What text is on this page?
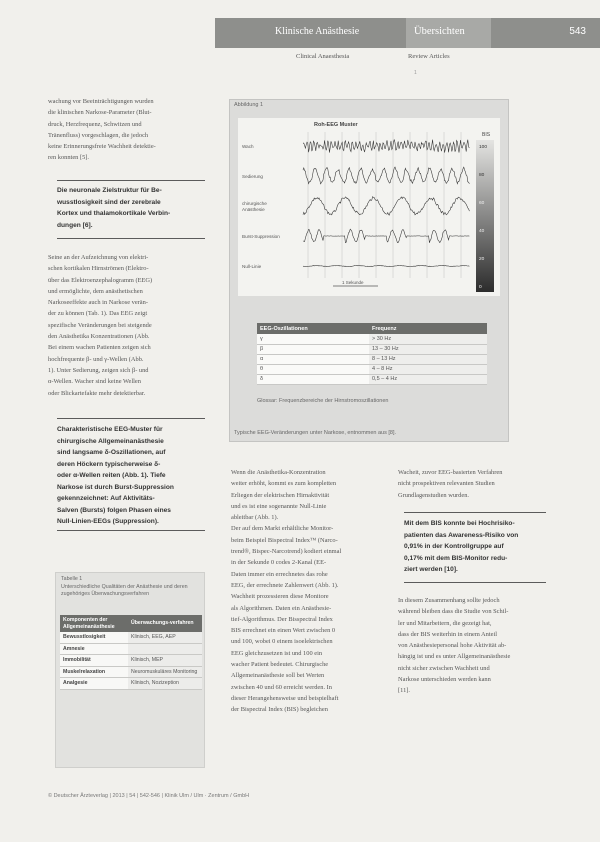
Klinische Anästhesie	Übersichten	543
Clinical Anaesthesia	Review Articles
1
wachung vor Beeinträchtigungen wurden
die klinischen Narkose-Parameter (Blut-
druck, Herzfrequenz, Schwitzen und
Tränenfluss) vorgeschlagen, die jedoch
keine Erinnerungsfreie Wachheit detektie-
ren konnten [5].
Die neuronale Zielstruktur für Be-
wusstlosigkeit sind der zerebrale
Kortex und thalamokortikale Verbin-
dungen [6].
Seine an der Aufzeichnung von elektri-
schen kortikalen Hirnströmen (Elektro-
über das Elektroenzephalogramm (EEG)
und ermöglichte, dem anästhetischen
Narkoseeffekte auch in Narkose verän-
der zu können (Tab. 1). Das EEG zeigt
spezifische Veränderungen bei steigende
den Anästhetika Konzentrationen (Abb.
Bei einem wachen Patienten zeigen sich
hochfrequente β- und γ-Wellen (Abb.
1). Unter Sedierung, zeigen sich β- und
α-Wellen. Wacher sind keine Wellen
oder Blickartefakte mehr detektierbar.
Charakteristische EEG-Muster für
chirurgische Allgemeinanästhesie
sind langsame δ-Oszillationen, auf
deren Höckern typischerweise δ-
oder α-Wellen reiten (Abb. 1). Tiefe
Narkose ist durch Burst-Suppression
gekennzeichnet: Auf Aktivitäts-
Salven (Bursts) folgen Phasen eines
Null-Linien-EEGs (Suppression).
Abbildung 1
Roh-EEG Muster
BIS
100
80
60
40
20
0
Wach
Sedierung
chirurgische
Anästhesie
Burst-Suppression
Null-Linie
1 Sekunde
EEG-Oszillationen	Frequenz
γ	> 30 Hz
β	13 – 30 Hz
α	8 – 13 Hz
θ	4 – 8 Hz
δ	0,5 – 4 Hz
Glossar: Frequenzbereiche der Hirnstromoszillationen
Typische EEG-Veränderungen unter Narkose, entnommen aus [8].
Tabelle 1
Unterschiedliche Qualitäten der Anästhesie und deren zugehöriges Überwachungsverfahren
Komponenten der Allgemeinanästhesie	Überwachungs-verfahren
Bewusstlosigkeit	Klinisch, EEG, AEP
Amnesie	
Immobilität	Klinisch, MEP
Muskelrelaxation	Neuromuskuläres Monitoring
Analgesie	Klinisch, Nozizeption
Wenn die Anästhetika-Konzentration
weiter erhöht, kommt es zum kompletten
Erliegen der elektrischen Hirnaktivität
und es ist eine sogenannte Null-Linie
ableitbar (Abb. 1).
Der auf dem Markt erhältliche Monitor-
beim Beispiel Bispectral Index™ (Narco-
trend®, Bispec-Narcotrend) kodiert einmal
in der Sekunde 0 codes 2-Kanal (EE-
Daten immer ein errechnetes das rohe
EEG, der errechnete Zahlenwert (Abb. 1).
Wachheit prozessieren diese Monitore
als Algorithmen. Daten ein Anästhesie-
tief-Algorithmus. Der Bisspectral Index
BIS errechnet ein einen Wert zwischen 0
und 100, wobei 0 einem isoelektrischen
EEG gleichzusetzen ist und 100 ein
wacher Patient bedeutet. Chirurgische
Allgemeinanästhesie soll bei Werten
zwischen 40 und 60 erreicht werden. In
dieser Herangehensweise und beispielhaft
der Bispectral Index (BIS) begleichen
Wacheit, zuvor EEG-basierten Verfahren
nicht prospektiven relevanten Studien
Grundlagenstudien wurden.
Mit dem BIS konnte bei Hochrisiko-
patienten das Awareness-Risiko von
0,91% in der Kontrollgruppe auf
0,17% mit dem BIS-Monitor redu-
ziert werden [10].
In diesem Zusammenhang sollte jedoch
während bleiben dass die Studie von Schil-
ler und Mitarbeitern, die gezeigt hat,
dass der BIS weiterhin in einem Anteil
von Anästhesiepersonal hohe Aktivität ab-
hängig ist und es unter Allgemeinanästhesie
nicht sicher zwischen Wachheit und
Narkose unterschieden werden kann
[11].
© Deutscher Ärzteverlag | 2013 | 54 | 542-546 | Klinik Ulm / Ulm · Zentrum / GmbH
